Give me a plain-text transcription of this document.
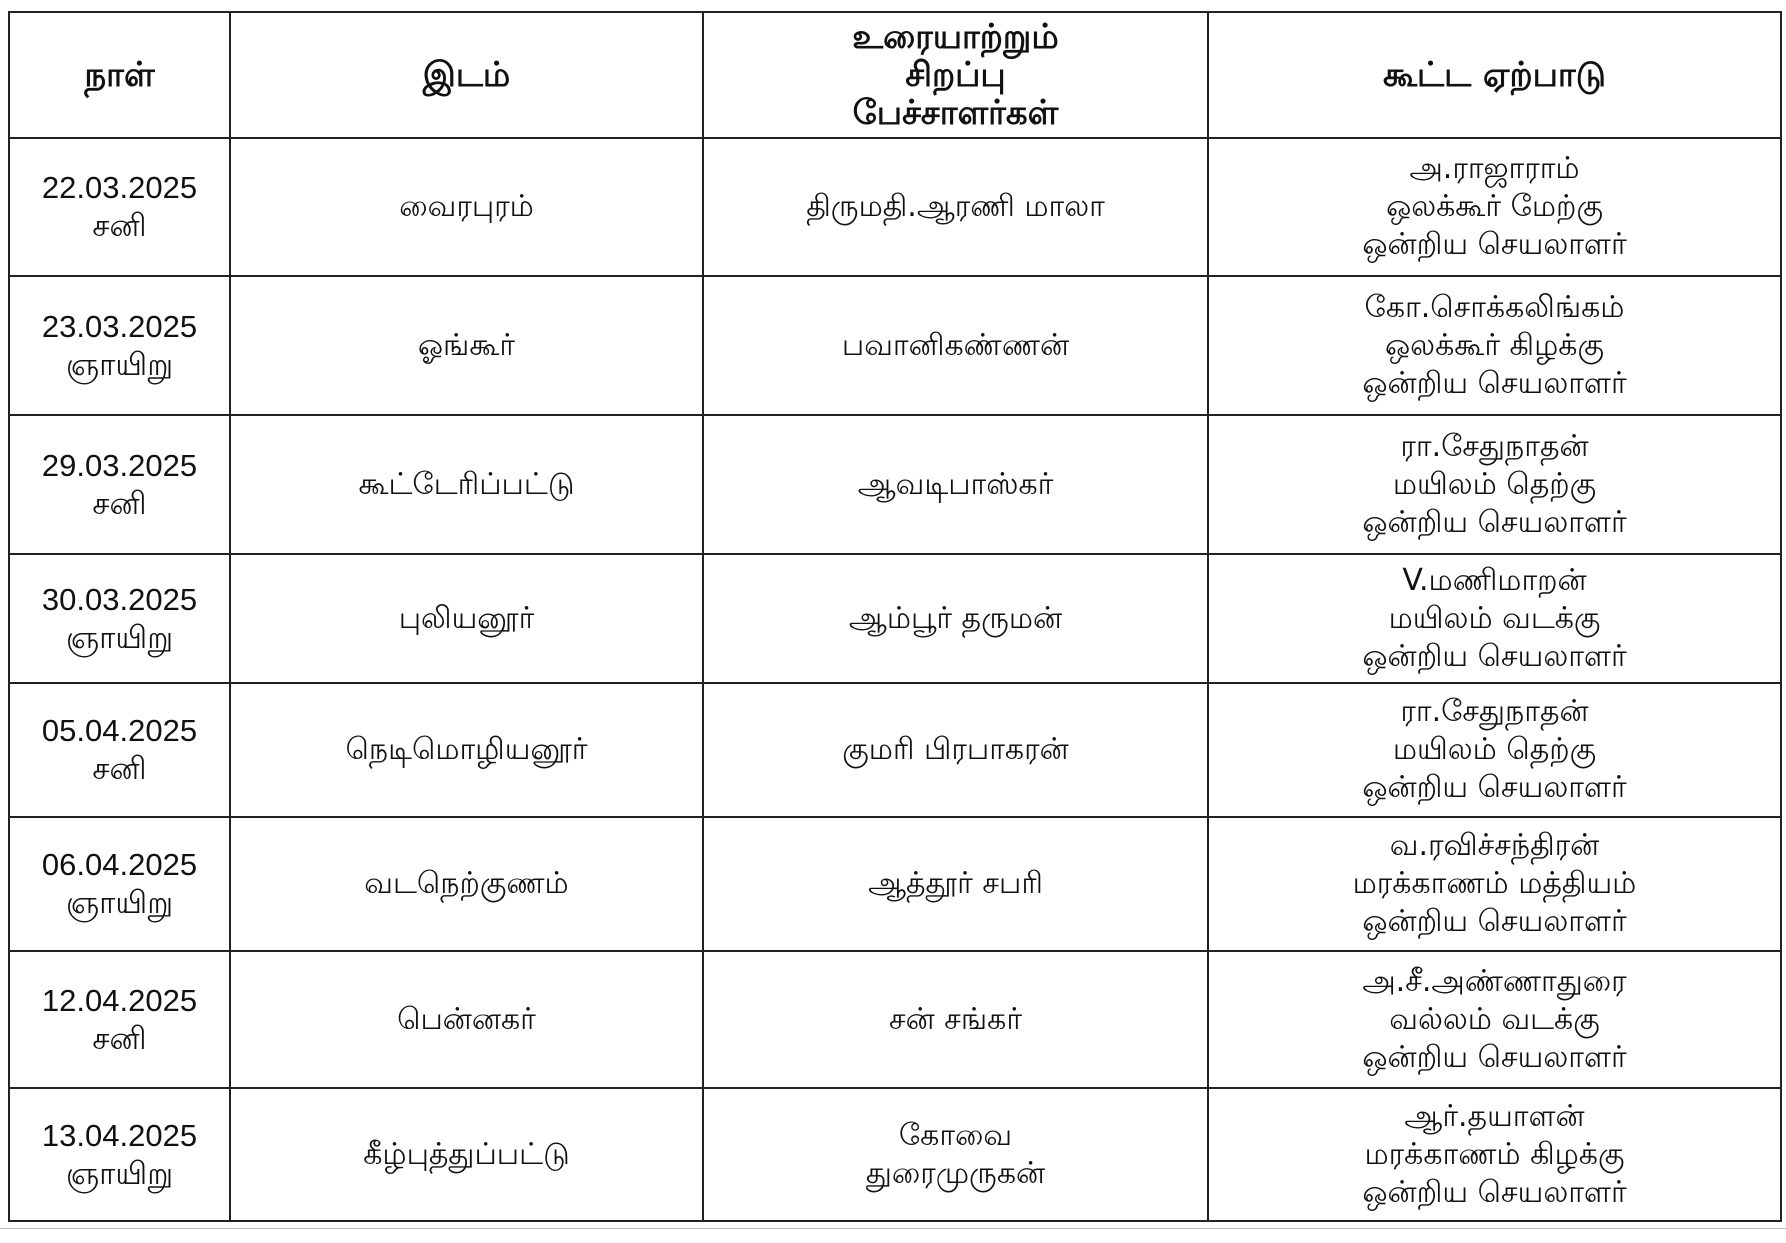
நாள்	இடம்	உரையாற்றும்
சிறப்பு
பேச்சாளர்கள்	கூட்ட ஏற்பாடு

22.03.2025
சனி	வைரபுரம்	திருமதி.ஆரணி மாலா	அ.ராஜாராம்
ஒலக்கூர் மேற்கு
ஒன்றிய செயலாளர்

23.03.2025
ஞாயிறு	ஓங்கூர்	பவானிகண்ணன்	கோ.சொக்கலிங்கம்
ஒலக்கூர் கிழக்கு
ஒன்றிய செயலாளர்

29.03.2025
சனி	கூட்டேரிப்பட்டு	ஆவடிபாஸ்கர்	ரா.சேதுநாதன்
மயிலம் தெற்கு
ஒன்றிய செயலாளர்

30.03.2025
ஞாயிறு	புலியனூர்	ஆம்பூர் தருமன்	V.மணிமாறன்
மயிலம் வடக்கு
ஒன்றிய செயலாளர்

05.04.2025
சனி	நெடிமொழியனூர்	குமரி பிரபாகரன்	ரா.சேதுநாதன்
மயிலம் தெற்கு
ஒன்றிய செயலாளர்

06.04.2025
ஞாயிறு	வடநெற்குணம்	ஆத்தூர் சபரி	வ.ரவிச்சந்திரன்
மரக்காணம் மத்தியம்
ஒன்றிய செயலாளர்

12.04.2025
சனி	பென்னகர்	சன் சங்கர்	அ.சீ.அண்ணாதுரை
வல்லம் வடக்கு
ஒன்றிய செயலாளர்

13.04.2025
ஞாயிறு	கீழ்புத்துப்பட்டு	கோவை
துரைமுருகன்	ஆர்.தயாளன்
மரக்காணம் கிழக்கு
ஒன்றிய செயலாளர்
